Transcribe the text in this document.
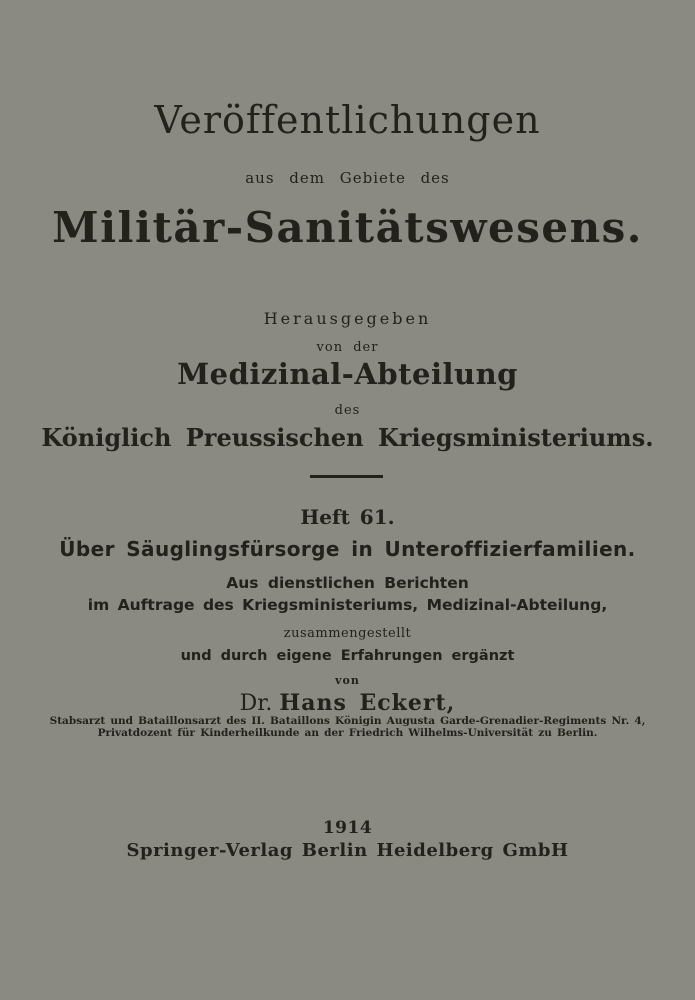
Veröffentlichungen
aus dem Gebiete des
Militär-Sanitätswesens.
Herausgegeben
von der
Medizinal-Abteilung
des
Königlich Preussischen Kriegsministeriums.
Heft 61.
Über Säuglingsfürsorge in Unteroffizierfamilien.
Aus dienstlichen Berichten
im Auftrage des Kriegsministeriums, Medizinal-Abteilung,
zusammengestellt
und durch eigene Erfahrungen ergänzt
von
Dr. Hans Eckert,
Stabsarzt und Bataillonsarzt des II. Bataillons Königin Augusta Garde-Grenadier-Regiments Nr. 4,
Privatdozent für Kinderheilkunde an der Friedrich Wilhelms-Universität zu Berlin.
1914
Springer-Verlag Berlin Heidelberg GmbH
